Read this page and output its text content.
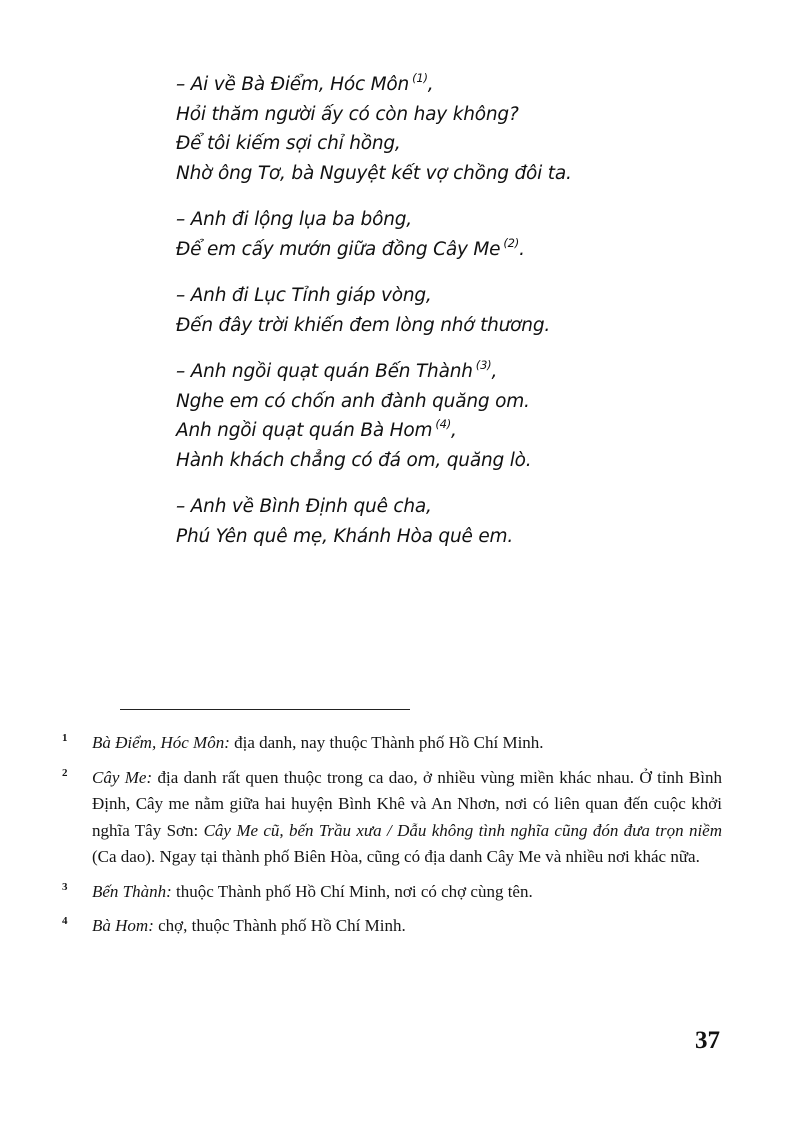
– Ai về Bà Điểm, Hóc Môn $^{(1)}$,
Hỏi thăm người ấy có còn hay không?
Để tôi kiếm sợi chỉ hồng,
Nhờ ông Tơ, bà Nguyệt kết vợ chồng đôi ta.
– Anh đi lộng lụa ba bông,
Để em cấy mướn giữa đồng Cây Me $^{(2)}$.
– Anh đi Lục Tỉnh giáp vòng,
Đến đây trời khiến đem lòng nhớ thương.
– Anh ngồi quạt quán Bến Thành $^{(3)}$,
Nghe em có chốn anh đành quăng om.
Anh ngồi quạt quán Bà Hom $^{(4)}$,
Hành khách chẳng có đá om, quăng lò.
– Anh về Bình Định quê cha,
Phú Yên quê mẹ, Khánh Hòa quê em.
1 Bà Điểm, Hóc Môn: địa danh, nay thuộc Thành phố Hồ Chí Minh.
2 Cây Me: địa danh rất quen thuộc trong ca dao, ở nhiều vùng miền khác nhau. Ở tỉnh Bình Định, Cây me nằm giữa hai huyện Bình Khê và An Nhơn, nơi có liên quan đến cuộc khởi nghĩa Tây Sơn: Cây Me cũ, bến Trầu xưa / Dẫu không tình nghĩa cũng đón đưa trọn niềm (Ca dao). Ngay tại thành phố Biên Hòa, cũng có địa danh Cây Me và nhiều nơi khác nữa.
3 Bến Thành: thuộc Thành phố Hồ Chí Minh, nơi có chợ cùng tên.
4 Bà Hom: chợ, thuộc Thành phố Hồ Chí Minh.
37
